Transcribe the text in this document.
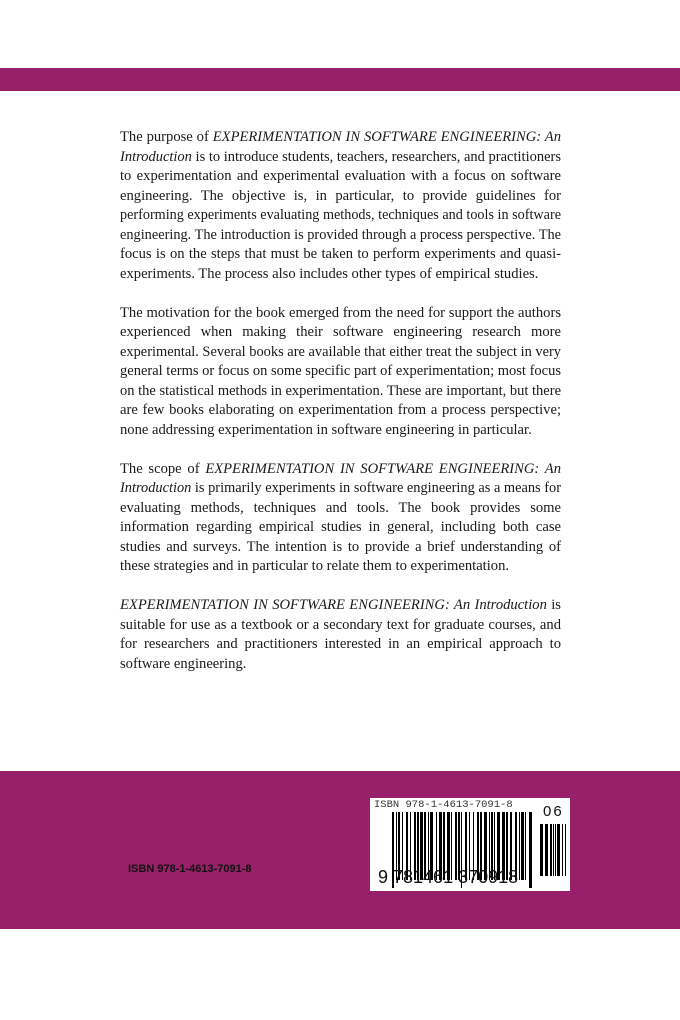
The purpose of EXPERIMENTATION IN SOFTWARE ENGINEERING: An
Introduction is to introduce students, teachers, researchers, and practitioners
to experimentation and experimental evaluation with a focus on software
engineering. The objective is, in particular, to provide guidelines for
performing experiments evaluating methods, techniques and tools in software
engineering. The introduction is provided through a process perspective. The
focus is on the steps that must be taken to perform experiments and quasi-
experiments. The process also includes other types of empirical studies.
The motivation for the book emerged from the need for support the authors
experienced when making their software engineering research more
experimental. Several books are available that either treat the subject in very
general terms or focus on some specific part of experimentation; most focus
on the statistical methods in experimentation. These are important, but there
are few books elaborating on experimentation from a process perspective;
none addressing experimentation in software engineering in particular.
The scope of EXPERIMENTATION IN SOFTWARE ENGINEERING: An
Introduction is primarily experiments in software engineering as a means for
evaluating methods, techniques and tools. The book provides some
information regarding empirical studies in general, including both case
studies and surveys. The intention is to provide a brief understanding of
these strategies and in particular to relate them to experimentation.
EXPERIMENTATION IN SOFTWARE ENGINEERING: An Introduction is
suitable for use as a textbook or a secondary text for graduate courses, and
for researchers and practitioners interested in an empirical approach to
software engineering.
ISBN 978-1-4613-7091-8
ISBN 978-1-4613-7091-8 06
9 781461 370918
